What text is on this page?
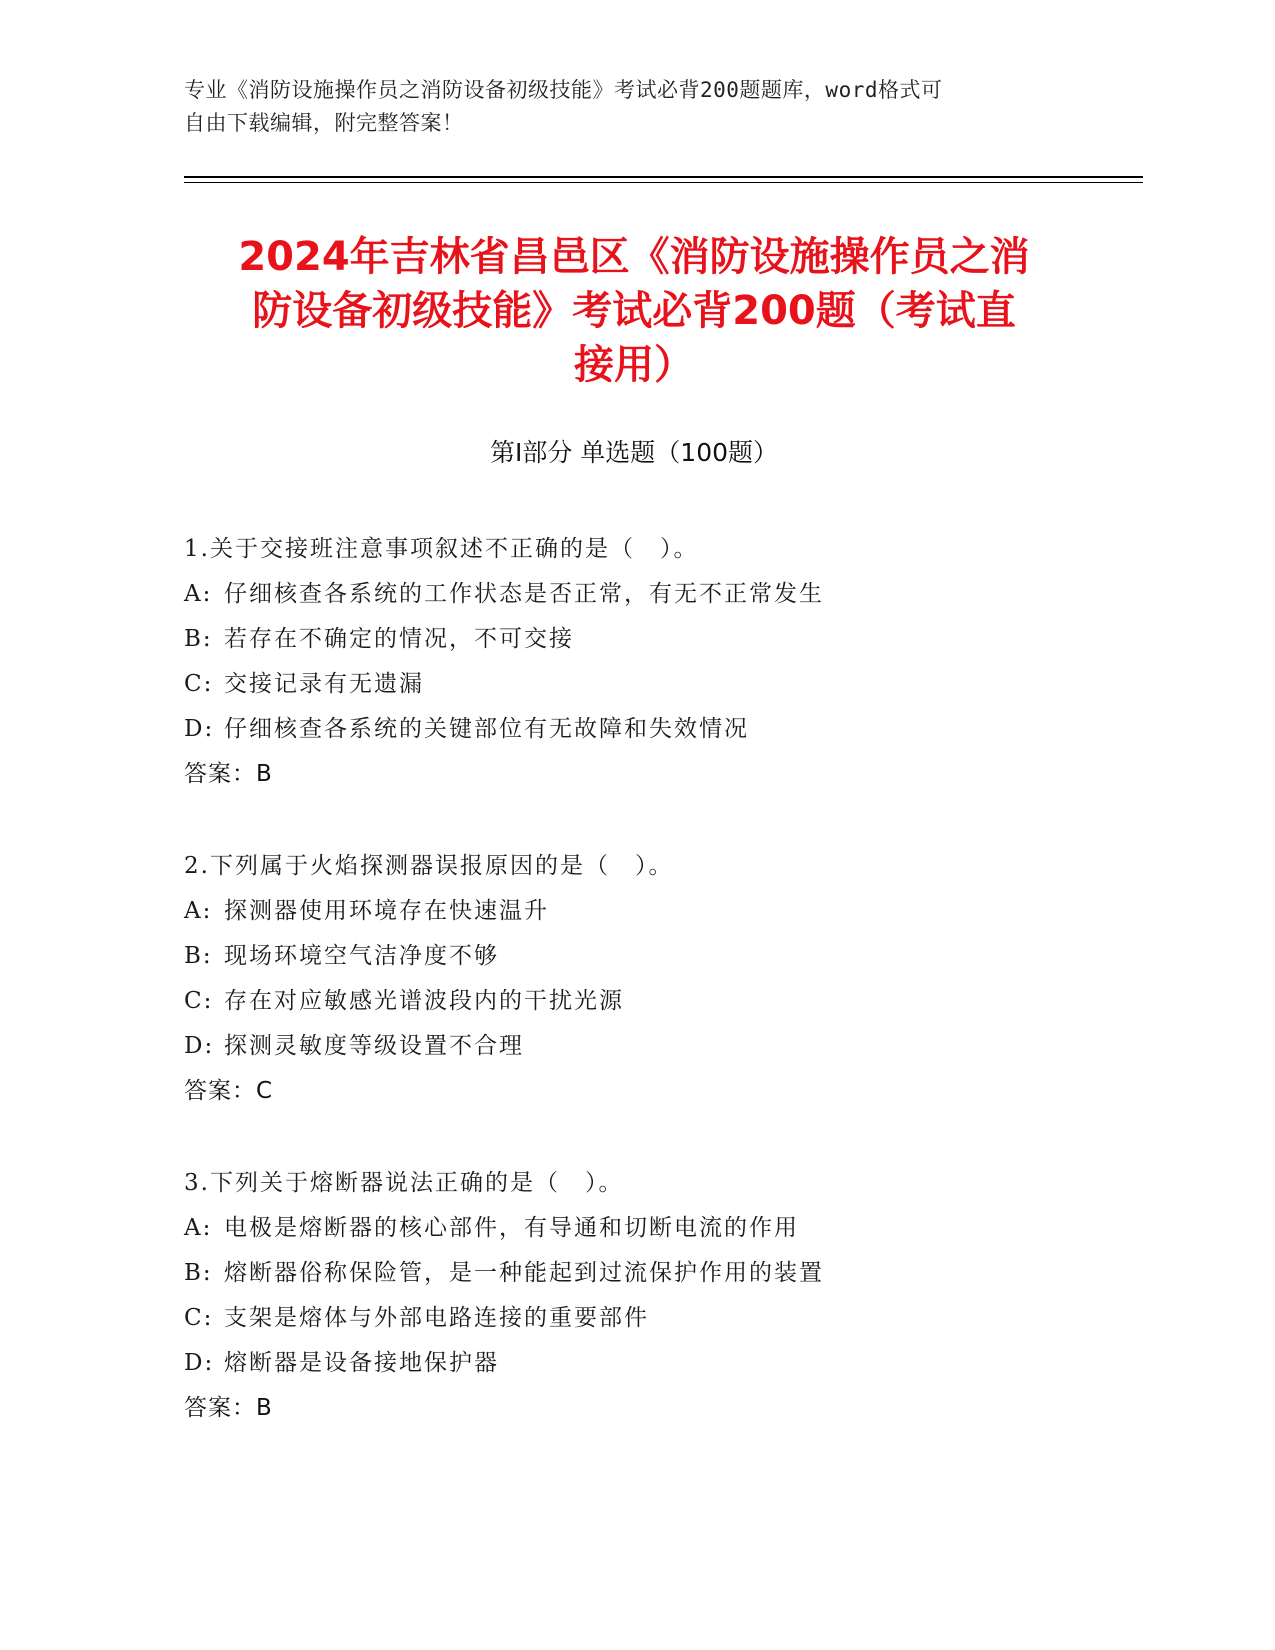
专业《消防设施操作员之消防设备初级技能》考试必背200题题库，word格式可
自由下载编辑，附完整答案！
2024年吉林省昌邑区《消防设施操作员之消
防设备初级技能》考试必背200题（考试直
接用）
第Ⅰ部分 单选题（100题）
1.关于交接班注意事项叙述不正确的是（　）。
A: 仔细核查各系统的工作状态是否正常，有无不正常发生
B: 若存在不确定的情况，不可交接
C: 交接记录有无遗漏
D: 仔细核查各系统的关键部位有无故障和失效情况
答案：B
2.下列属于火焰探测器误报原因的是（　）。
A: 探测器使用环境存在快速温升
B: 现场环境空气洁净度不够
C: 存在对应敏感光谱波段内的干扰光源
D: 探测灵敏度等级设置不合理
答案：C
3.下列关于熔断器说法正确的是（　）。
A: 电极是熔断器的核心部件，有导通和切断电流的作用
B: 熔断器俗称保险管，是一种能起到过流保护作用的装置
C: 支架是熔体与外部电路连接的重要部件
D: 熔断器是设备接地保护器
答案：B
